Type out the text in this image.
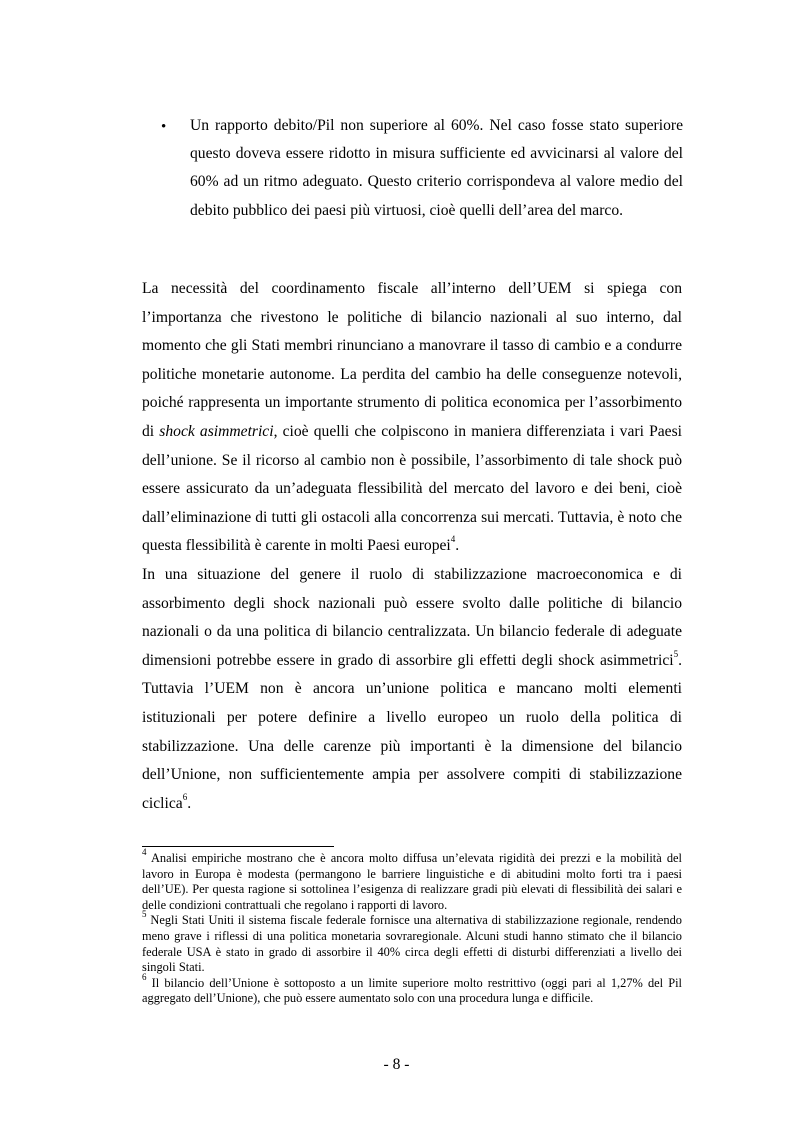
• Un rapporto debito/Pil non superiore al 60%. Nel caso fosse stato superiore questo doveva essere ridotto in misura sufficiente ed avvicinarsi al valore del 60% ad un ritmo adeguato. Questo criterio corrispondeva al valore medio del debito pubblico dei paesi più virtuosi, cioè quelli dell’area del marco.

La necessità del coordinamento fiscale all’interno dell’UEM si spiega con l’importanza che rivestono le politiche di bilancio nazionali al suo interno, dal momento che gli Stati membri rinunciano a manovrare il tasso di cambio e a condurre politiche monetarie autonome. La perdita del cambio ha delle conseguenze notevoli, poiché rappresenta un importante strumento di politica economica per l’assorbimento di shock asimmetrici, cioè quelli che colpiscono in maniera differenziata i vari Paesi dell’unione. Se il ricorso al cambio non è possibile, l’assorbimento di tale shock può essere assicurato da un’adeguata flessibilità del mercato del lavoro e dei beni, cioè dall’eliminazione di tutti gli ostacoli alla concorrenza sui mercati. Tuttavia, è noto che questa flessibilità è carente in molti Paesi europei$^4$.

In una situazione del genere il ruolo di stabilizzazione macroeconomica e di assorbimento degli shock nazionali può essere svolto dalle politiche di bilancio nazionali o da una politica di bilancio centralizzata. Un bilancio federale di adeguate dimensioni potrebbe essere in grado di assorbire gli effetti degli shock asimmetrici$^5$. Tuttavia l’UEM non è ancora un’unione politica e mancano molti elementi istituzionali per potere definire a livello europeo un ruolo della politica di stabilizzazione. Una delle carenze più importanti è la dimensione del bilancio dell’Unione, non sufficientemente ampia per assolvere compiti di stabilizzazione ciclica$^6$.

$^4$ Analisi empiriche mostrano che è ancora molto diffusa un’elevata rigidità dei prezzi e la mobilità del lavoro in Europa è modesta (permangono le barriere linguistiche e di abitudini molto forti tra i paesi dell’UE). Per questa ragione si sottolinea l’esigenza di realizzare gradi più elevati di flessibilità dei salari e delle condizioni contrattuali che regolano i rapporti di lavoro.

$^5$ Negli Stati Uniti il sistema fiscale federale fornisce una alternativa di stabilizzazione regionale, rendendo meno grave i riflessi di una politica monetaria sovraregionale. Alcuni studi hanno stimato che il bilancio federale USA è stato in grado di assorbire il 40% circa degli effetti di disturbi differenziati a livello dei singoli Stati.

$^6$ Il bilancio dell’Unione è sottoposto a un limite superiore molto restrittivo (oggi pari al 1,27% del Pil aggregato dell’Unione), che può essere aumentato solo con una procedura lunga e difficile.

- 8 -
